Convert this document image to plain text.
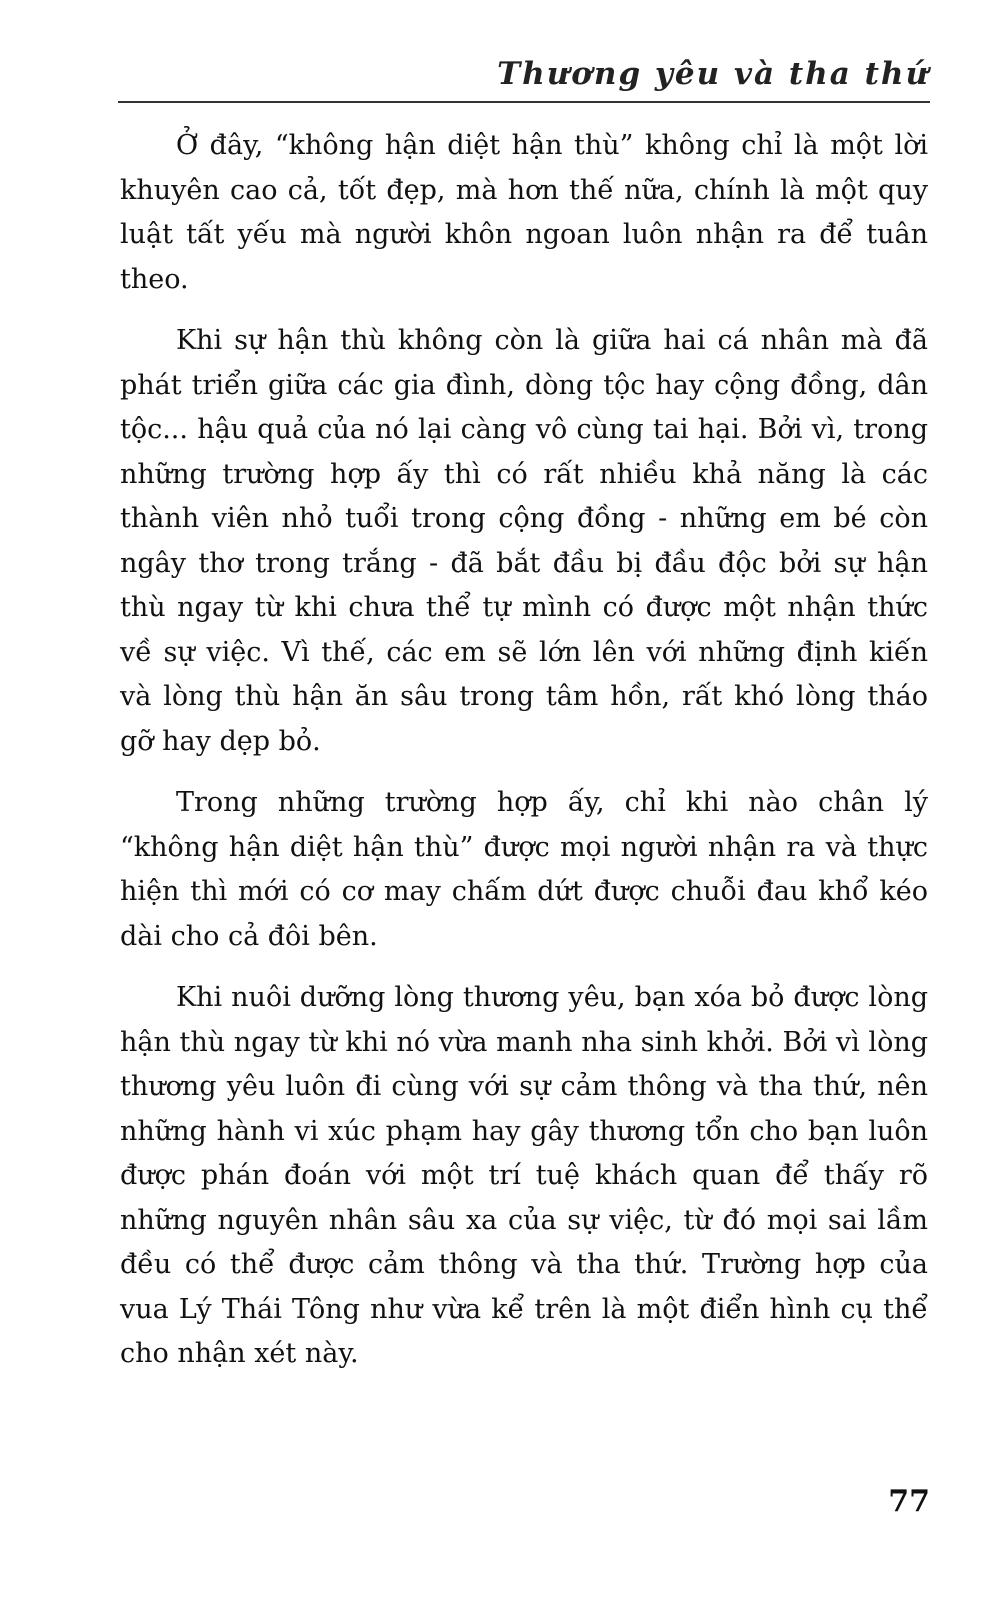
Thương yêu và tha thứ

Ở đây, “không hận diệt hận thù” không chỉ là một lời khuyên cao cả, tốt đẹp, mà hơn thế nữa, chính là một quy luật tất yếu mà người khôn ngoan luôn nhận ra để tuân theo.

Khi sự hận thù không còn là giữa hai cá nhân mà đã phát triển giữa các gia đình, dòng tộc hay cộng đồng, dân tộc... hậu quả của nó lại càng vô cùng tai hại. Bởi vì, trong những trường hợp ấy thì có rất nhiều khả năng là các thành viên nhỏ tuổi trong cộng đồng - những em bé còn ngây thơ trong trắng - đã bắt đầu bị đầu độc bởi sự hận thù ngay từ khi chưa thể tự mình có được một nhận thức về sự việc. Vì thế, các em sẽ lớn lên với những định kiến và lòng thù hận ăn sâu trong tâm hồn, rất khó lòng tháo gỡ hay dẹp bỏ.

Trong những trường hợp ấy, chỉ khi nào chân lý “không hận diệt hận thù” được mọi người nhận ra và thực hiện thì mới có cơ may chấm dứt được chuỗi đau khổ kéo dài cho cả đôi bên.

Khi nuôi dưỡng lòng thương yêu, bạn xóa bỏ được lòng hận thù ngay từ khi nó vừa manh nha sinh khởi. Bởi vì lòng thương yêu luôn đi cùng với sự cảm thông và tha thứ, nên những hành vi xúc phạm hay gây thương tổn cho bạn luôn được phán đoán với một trí tuệ khách quan để thấy rõ những nguyên nhân sâu xa của sự việc, từ đó mọi sai lầm đều có thể được cảm thông và tha thứ. Trường hợp của vua Lý Thái Tông như vừa kể trên là một điển hình cụ thể cho nhận xét này.

77
